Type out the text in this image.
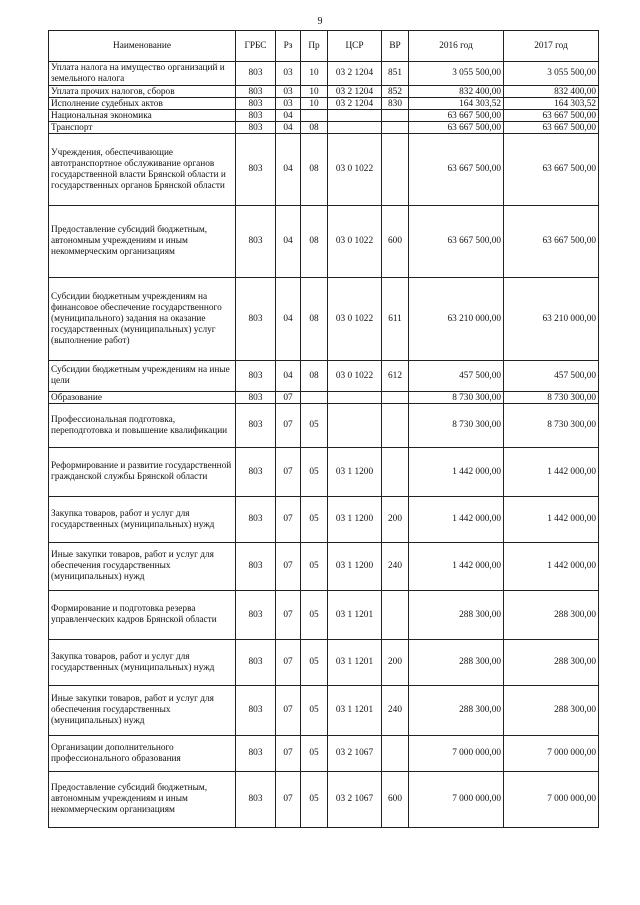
9
Наименование	ГРБС	Рз	Пр	ЦСР	ВР	2016 год	2017 год
Уплата налога на имущество организаций и земельного налога	803	03	10	03 2 1204	851	3 055 500,00	3 055 500,00
Уплата прочих налогов, сборов	803	03	10	03 2 1204	852	832 400,00	832 400,00
Исполнение судебных актов	803	03	10	03 2 1204	830	164 303,52	164 303,52
Национальная экономика	803	04				63 667 500,00	63 667 500,00
Транспорт	803	04	08			63 667 500,00	63 667 500,00
Учреждения, обеспечивающие автотранспортное обслуживание органов государственной власти Брянской области и государственных органов Брянской области	803	04	08	03 0 1022		63 667 500,00	63 667 500,00
Предоставление субсидий бюджетным, автономным учреждениям и иным некоммерческим организациям	803	04	08	03 0 1022	600	63 667 500,00	63 667 500,00
Субсидии бюджетным учреждениям на финансовое обеспечение государственного (муниципального) задания на оказание государственных (муниципальных) услуг (выполнение работ)	803	04	08	03 0 1022	611	63 210 000,00	63 210 000,00
Субсидии бюджетным учреждениям на иные цели	803	04	08	03 0 1022	612	457 500,00	457 500,00
Образование	803	07				8 730 300,00	8 730 300,00
Профессиональная подготовка, переподготовка и повышение квалификации	803	07	05			8 730 300,00	8 730 300,00
Реформирование и развитие государственной гражданской службы Брянской области	803	07	05	03 1 1200		1 442 000,00	1 442 000,00
Закупка товаров, работ и услуг для государственных (муниципальных) нужд	803	07	05	03 1 1200	200	1 442 000,00	1 442 000,00
Иные закупки товаров, работ и услуг для обеспечения государственных (муниципальных) нужд	803	07	05	03 1 1200	240	1 442 000,00	1 442 000,00
Формирование и подготовка резерва управленческих кадров Брянской области	803	07	05	03 1 1201		288 300,00	288 300,00
Закупка товаров, работ и услуг для государственных (муниципальных) нужд	803	07	05	03 1 1201	200	288 300,00	288 300,00
Иные закупки товаров, работ и услуг для обеспечения государственных (муниципальных) нужд	803	07	05	03 1 1201	240	288 300,00	288 300,00
Организации дополнительного профессионального образования	803	07	05	03 2 1067		7 000 000,00	7 000 000,00
Предоставление субсидий бюджетным, автономным учреждениям и иным некоммерческим организациям	803	07	05	03 2 1067	600	7 000 000,00	7 000 000,00
